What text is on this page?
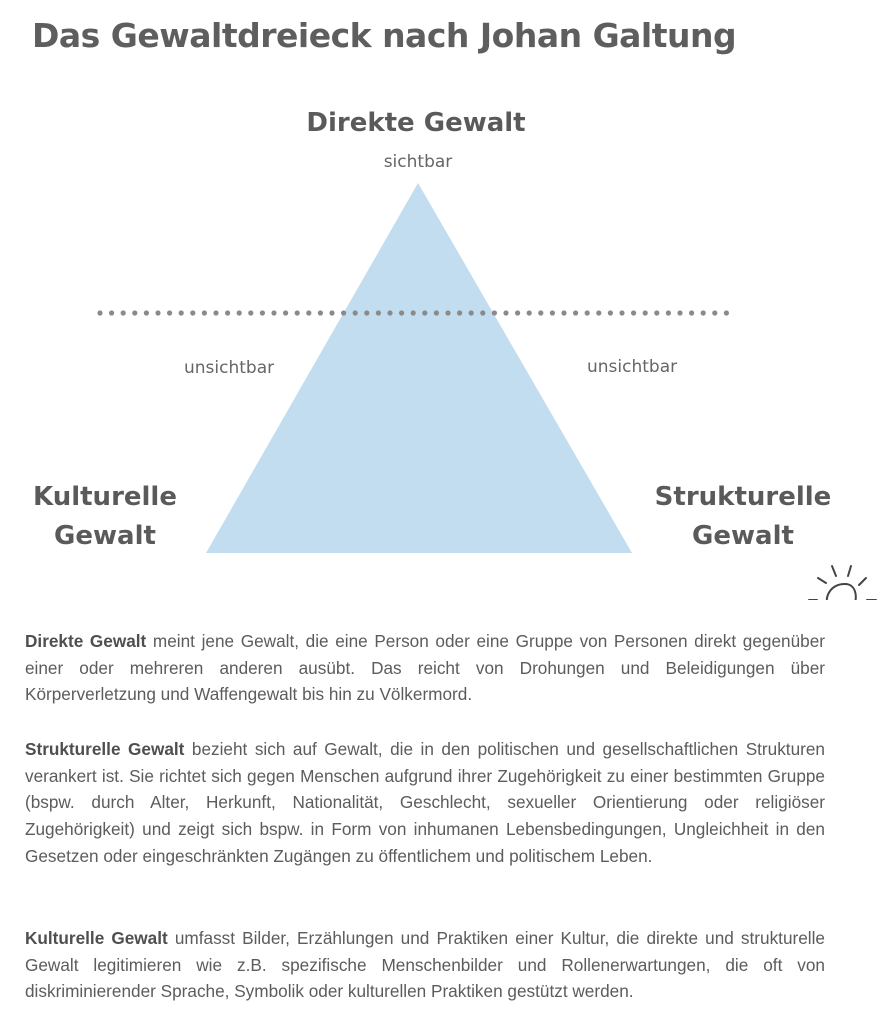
Das Gewaltdreieck nach Johan Galtung
Direkte Gewalt
sichtbar
unsichtbar	unsichtbar
Kulturelle
Gewalt
Strukturelle
Gewalt

Direkte Gewalt meint jene Gewalt, die eine Person oder eine Gruppe von Personen direkt gegenüber einer oder mehreren anderen ausübt. Das reicht von Drohungen und Beleidigungen über Körperverletzung und Waffengewalt bis hin zu Völkermord.

Strukturelle Gewalt bezieht sich auf Gewalt, die in den politischen und gesellschaftlichen Strukturen verankert ist. Sie richtet sich gegen Menschen aufgrund ihrer Zugehörigkeit zu einer bestimmten Gruppe (bspw. durch Alter, Herkunft, Nationalität, Geschlecht, sexueller Orientierung oder religiöser Zugehörigkeit) und zeigt sich bspw. in Form von inhumanen Lebensbedingungen, Ungleichheit in den Gesetzen oder eingeschränkten Zugängen zu öffentlichem und politischem Leben.

Kulturelle Gewalt umfasst Bilder, Erzählungen und Praktiken einer Kultur, die direkte und strukturelle Gewalt legitimieren wie z.B. spezifische Menschenbilder und Rollenerwartungen, die oft von diskriminierender Sprache, Symbolik oder kulturellen Praktiken gestützt werden.
